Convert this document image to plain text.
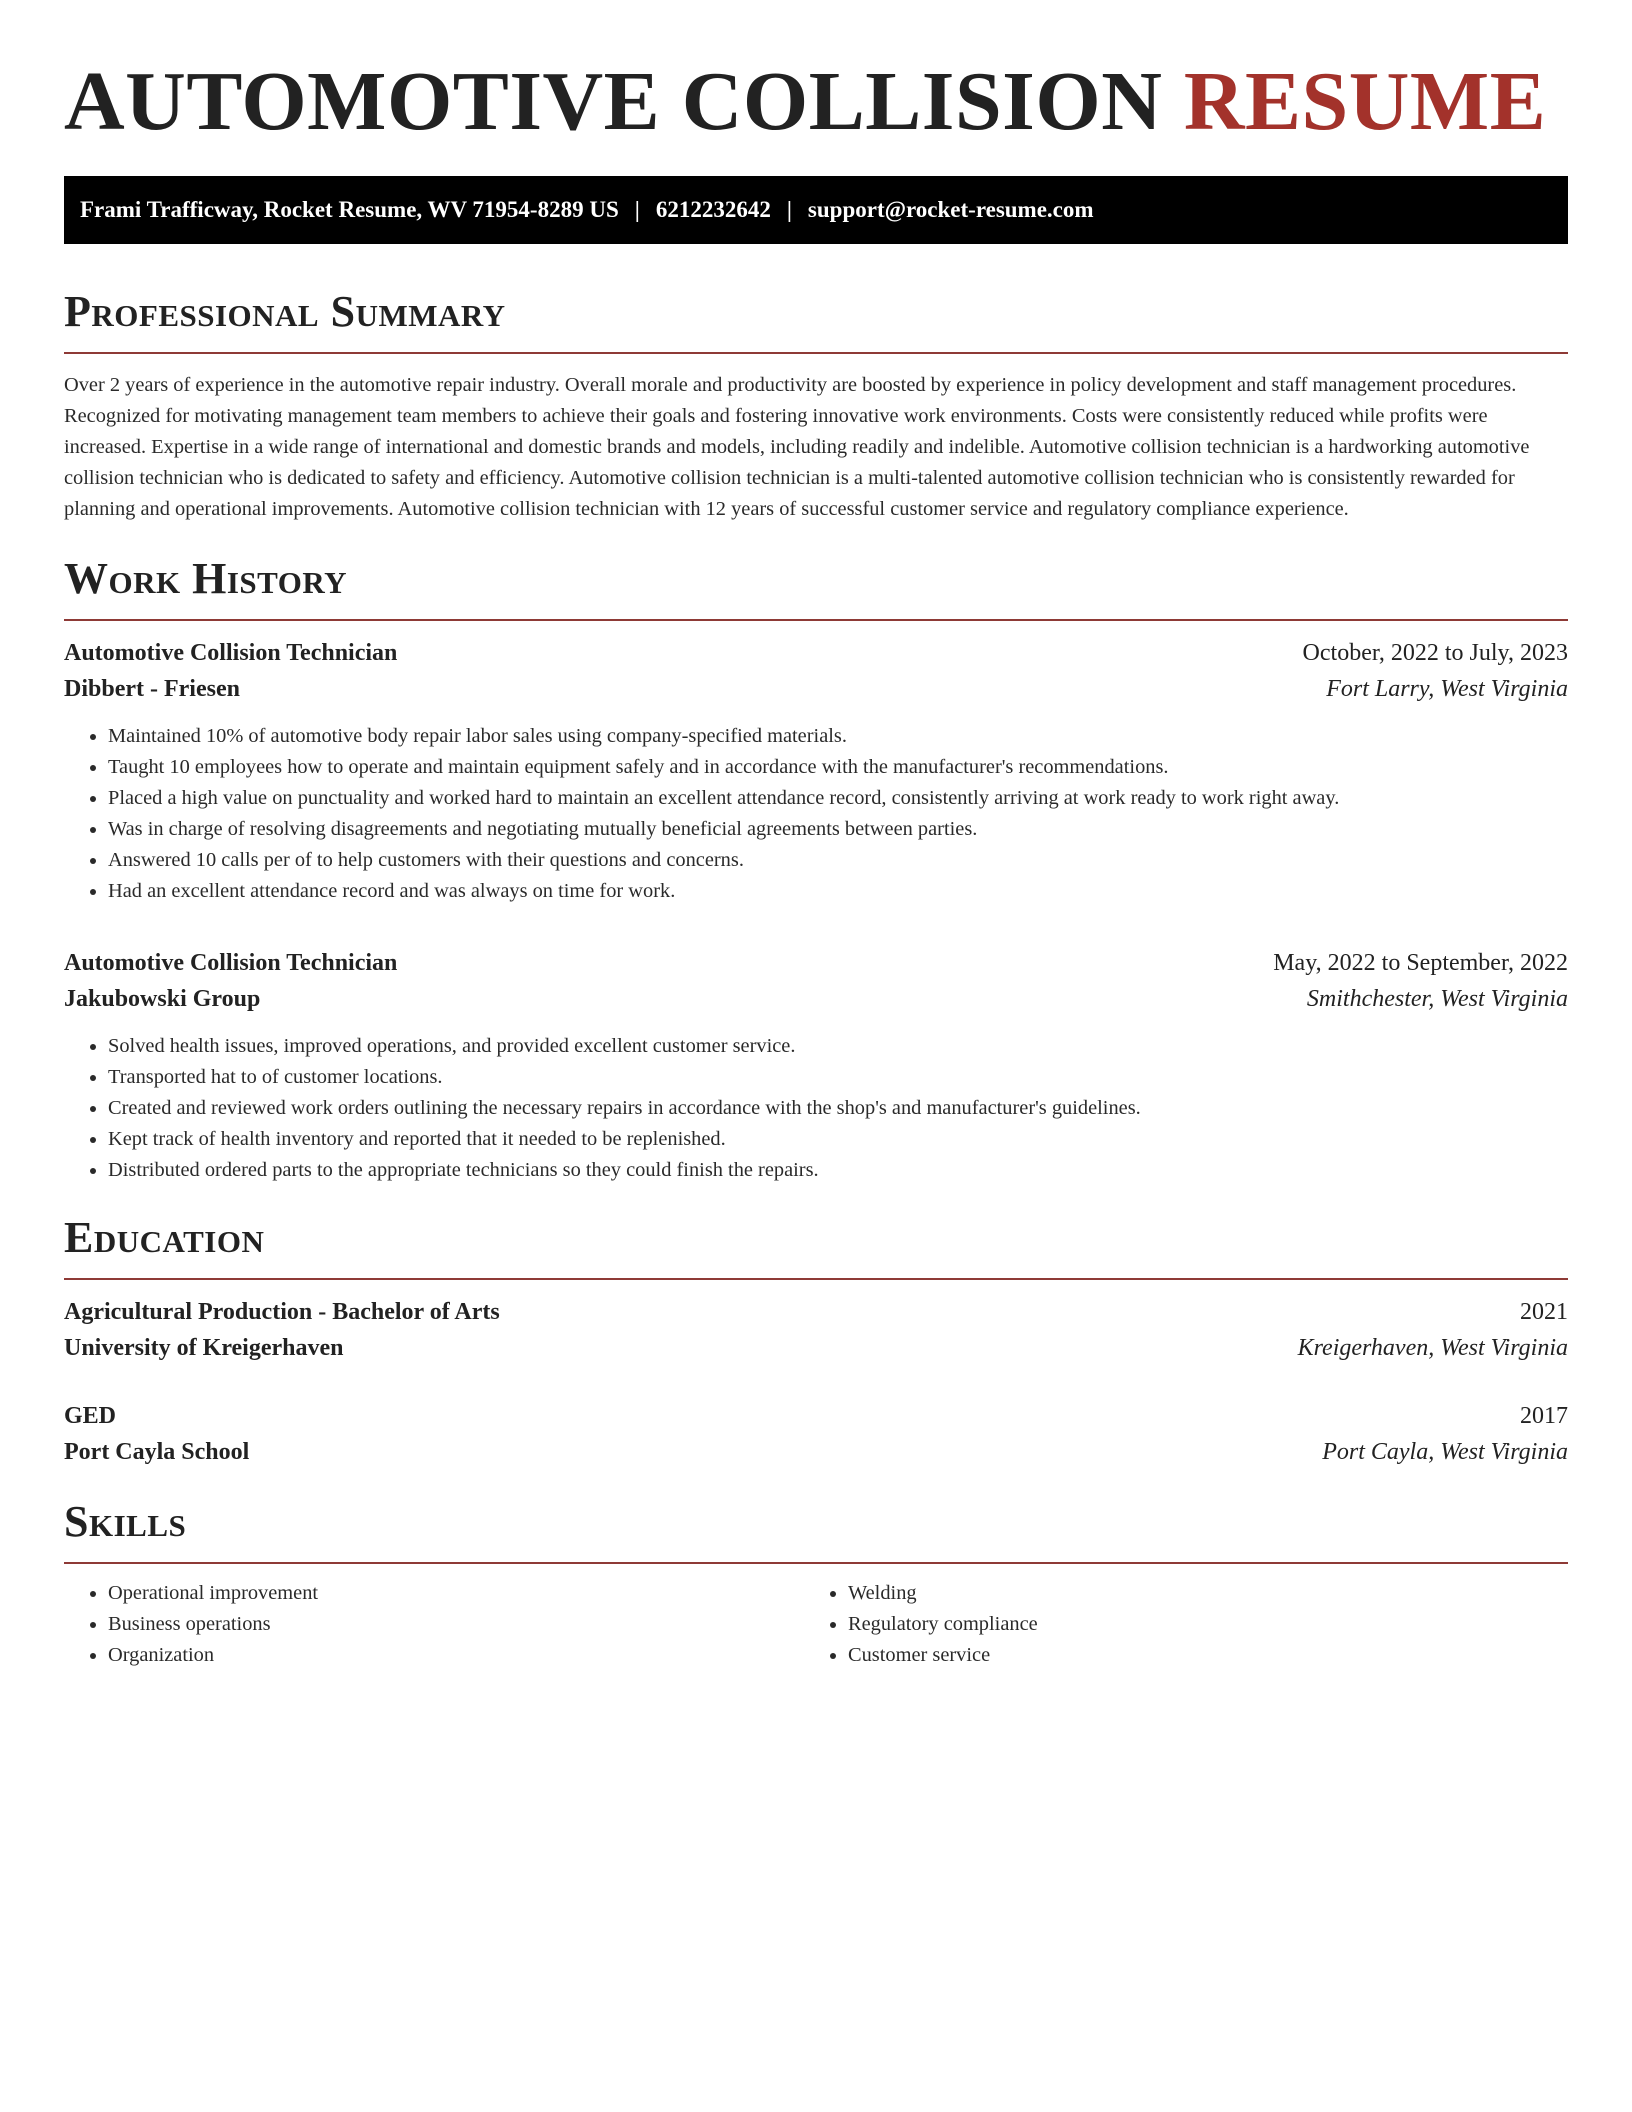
AUTOMOTIVE COLLISION RESUME
Frami Trafficway, Rocket Resume, WV 71954-8289 US | 6212232642 | support@rocket-resume.com
Professional Summary

Over 2 years of experience in the automotive repair industry. Overall morale and productivity are boosted by experience in policy development and staff management procedures. Recognized for motivating management team members to achieve their goals and fostering innovative work environments. Costs were consistently reduced while profits were increased. Expertise in a wide range of international and domestic brands and models, including readily and indelible. Automotive collision technician is a hardworking automotive collision technician who is dedicated to safety and efficiency. Automotive collision technician is a multi-talented automotive collision technician who is consistently rewarded for planning and operational improvements. Automotive collision technician with 12 years of successful customer service and regulatory compliance experience.

Work History
Automotive Collision Technician	October, 2022 to July, 2023
Dibbert - Friesen	Fort Larry, West Virginia
• Maintained 10% of automotive body repair labor sales using company-specified materials.
• Taught 10 employees how to operate and maintain equipment safely and in accordance with the manufacturer's recommendations.
• Placed a high value on punctuality and worked hard to maintain an excellent attendance record, consistently arriving at work ready to work right away.
• Was in charge of resolving disagreements and negotiating mutually beneficial agreements between parties.
• Answered 10 calls per of to help customers with their questions and concerns.
• Had an excellent attendance record and was always on time for work.
Automotive Collision Technician	May, 2022 to September, 2022
Jakubowski Group	Smithchester, West Virginia
• Solved health issues, improved operations, and provided excellent customer service.
• Transported hat to of customer locations.
• Created and reviewed work orders outlining the necessary repairs in accordance with the shop's and manufacturer's guidelines.
• Kept track of health inventory and reported that it needed to be replenished.
• Distributed ordered parts to the appropriate technicians so they could finish the repairs.
Education
Agricultural Production - Bachelor of Arts	2021
University of Kreigerhaven	Kreigerhaven, West Virginia
GED	2017
Port Cayla School	Port Cayla, West Virginia
Skills
• Operational improvement
• Business operations
• Organization
• Welding
• Regulatory compliance
• Customer service
